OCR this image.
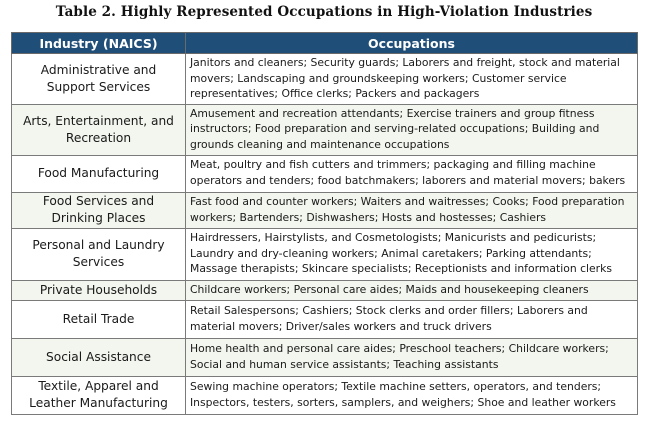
Table 2. Highly Represented Occupations in High-Violation Industries
Industry (NAICS)	Occupations
Administrative and Support Services	Janitors and cleaners; Security guards; Laborers and freight, stock and material movers; Landscaping and groundskeeping workers; Customer service representatives; Office clerks; Packers and packagers
Arts, Entertainment, and Recreation	Amusement and recreation attendants; Exercise trainers and group fitness instructors; Food preparation and serving-related occupations; Building and grounds cleaning and maintenance occupations
Food Manufacturing	Meat, poultry and fish cutters and trimmers; packaging and filling machine operators and tenders; food batchmakers; laborers and material movers; bakers
Food Services and Drinking Places	Fast food and counter workers; Waiters and waitresses; Cooks; Food preparation workers; Bartenders; Dishwashers; Hosts and hostesses; Cashiers
Personal and Laundry Services	Hairdressers, Hairstylists, and Cosmetologists; Manicurists and pedicurists; Laundry and dry-cleaning workers; Animal caretakers; Parking attendants; Massage therapists; Skincare specialists; Receptionists and information clerks
Private Households	Childcare workers; Personal care aides; Maids and housekeeping cleaners
Retail Trade	Retail Salespersons; Cashiers; Stock clerks and order fillers; Laborers and material movers; Driver/sales workers and truck drivers
Social Assistance	Home health and personal care aides; Preschool teachers; Childcare workers; Social and human service assistants; Teaching assistants
Textile, Apparel and Leather Manufacturing	Sewing machine operators; Textile machine setters, operators, and tenders; Inspectors, testers, sorters, samplers, and weighers; Shoe and leather workers
